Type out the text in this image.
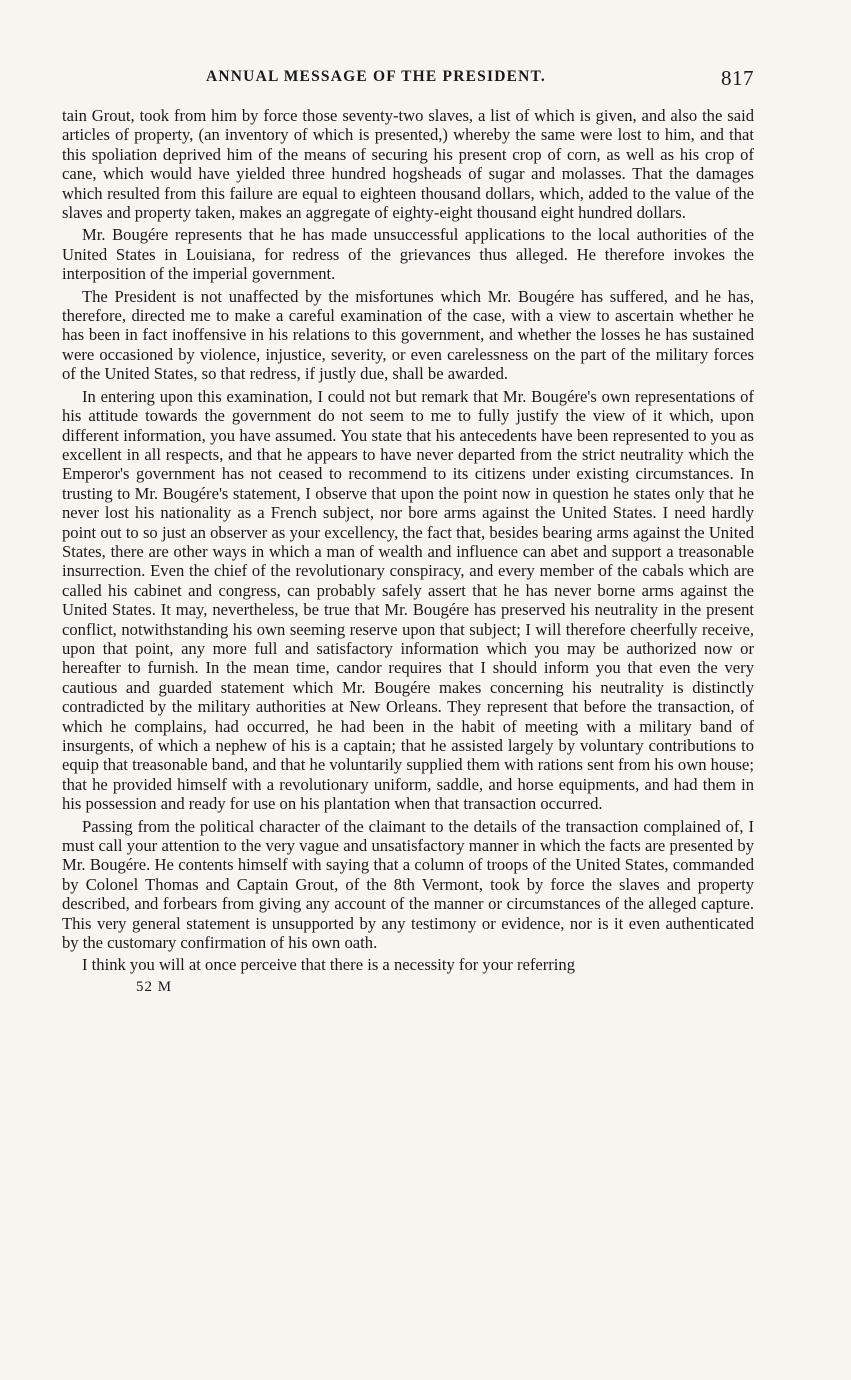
ANNUAL MESSAGE OF THE PRESIDENT.	817

tain Grout, took from him by force those seventy-two slaves, a list of which is given, and also the said articles of property, (an inventory of which is presented,) whereby the same were lost to him, and that this spoliation deprived him of the means of securing his present crop of corn, as well as his crop of cane, which would have yielded three hundred hogsheads of sugar and molasses. That the damages which resulted from this failure are equal to eighteen thousand dollars, which, added to the value of the slaves and property taken, makes an aggregate of eighty-eight thousand eight hundred dollars.

Mr. Bougére represents that he has made unsuccessful applications to the local authorities of the United States in Louisiana, for redress of the grievances thus alleged. He therefore invokes the interposition of the imperial government.

The President is not unaffected by the misfortunes which Mr. Bougére has suffered, and he has, therefore, directed me to make a careful examination of the case, with a view to ascertain whether he has been in fact inoffensive in his relations to this government, and whether the losses he has sustained were occasioned by violence, injustice, severity, or even carelessness on the part of the military forces of the United States, so that redress, if justly due, shall be awarded.

In entering upon this examination, I could not but remark that Mr. Bougére's own representations of his attitude towards the government do not seem to me to fully justify the view of it which, upon different information, you have assumed. You state that his antecedents have been represented to you as excellent in all respects, and that he appears to have never departed from the strict neutrality which the Emperor's government has not ceased to recommend to its citizens under existing circumstances. In trusting to Mr. Bougére's statement, I observe that upon the point now in question he states only that he never lost his nationality as a French subject, nor bore arms against the United States. I need hardly point out to so just an observer as your excellency, the fact that, besides bearing arms against the United States, there are other ways in which a man of wealth and influence can abet and support a treasonable insurrection. Even the chief of the revolutionary conspiracy, and every member of the cabals which are called his cabinet and congress, can probably safely assert that he has never borne arms against the United States. It may, nevertheless, be true that Mr. Bougére has preserved his neutrality in the present conflict, notwithstanding his own seeming reserve upon that subject; I will therefore cheerfully receive, upon that point, any more full and satisfactory information which you may be authorized now or hereafter to furnish. In the mean time, candor requires that I should inform you that even the very cautious and guarded statement which Mr. Bougére makes concerning his neutrality is distinctly contradicted by the military authorities at New Orleans. They represent that before the transaction, of which he complains, had occurred, he had been in the habit of meeting with a military band of insurgents, of which a nephew of his is a captain; that he assisted largely by voluntary contributions to equip that treasonable band, and that he voluntarily supplied them with rations sent from his own house; that he provided himself with a revolutionary uniform, saddle, and horse equipments, and had them in his possession and ready for use on his plantation when that transaction occurred.

Passing from the political character of the claimant to the details of the transaction complained of, I must call your attention to the very vague and unsatisfactory manner in which the facts are presented by Mr. Bougére. He contents himself with saying that a column of troops of the United States, commanded by Colonel Thomas and Captain Grout, of the 8th Vermont, took by force the slaves and property described, and forbears from giving any account of the manner or circumstances of the alleged capture. This very general statement is unsupported by any testimony or evidence, nor is it even authenticated by the customary confirmation of his own oath.

I think you will at once perceive that there is a necessity for your referring

52 M
